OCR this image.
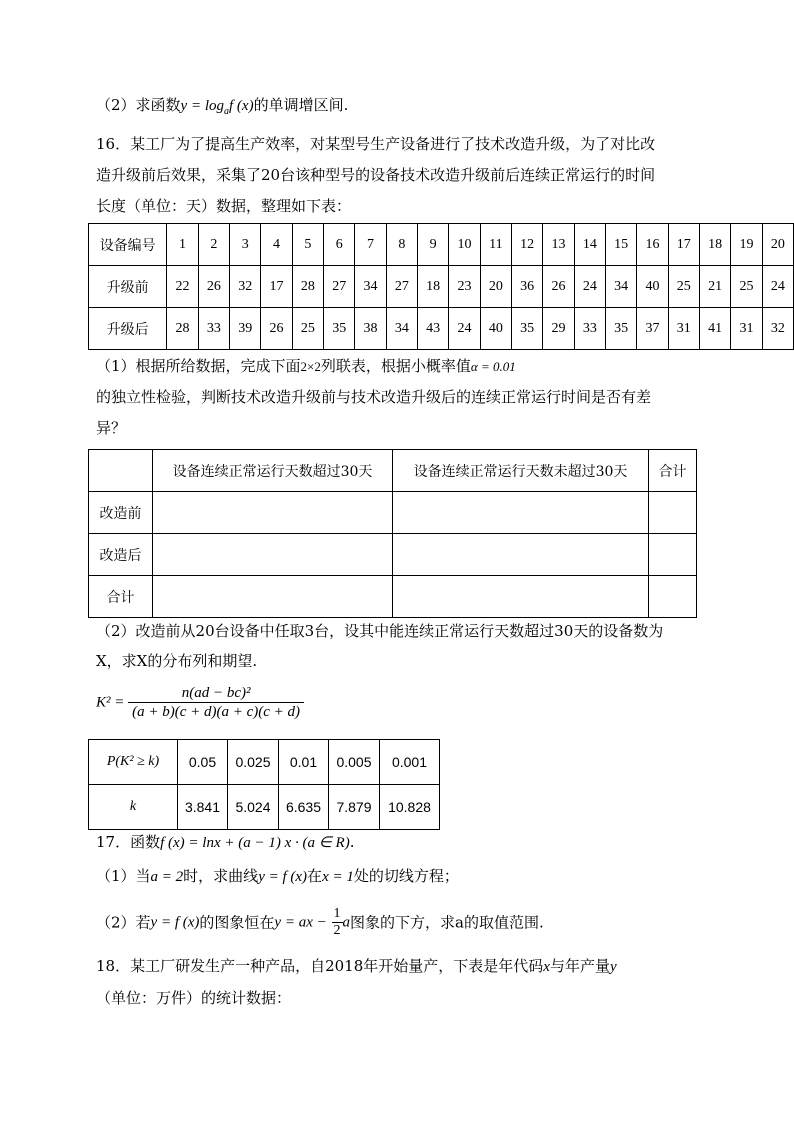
（2）求函数$y = \log_af$ (x)的单调增区间.
16．某工厂为了提高生产效率，对某型号生产设备进行了技术改造升级，为了对比改
造升级前后效果，采集了20台该种型号的设备技术改造升级前后连续正常运行的时间
长度（单位：天）数据，整理如下表：
设备编号	1	2	3	4	5	6	7	8	9	10	11	12	13	14	15	16	17	18	19	20
升级前	22	26	32	17	28	27	34	27	18	23	20	36	26	24	34	40	25	21	25	24
升级后	28	33	39	26	25	35	38	34	43	24	40	35	29	33	35	37	31	41	31	32
（1）根据所给数据，完成下面2×2列联表，根据小概率值α = 0.01
的独立性检验，判断技术改造升级前与技术改造升级后的连续正常运行时间是否有差
异？
	设备连续正常运行天数超过30天	设备连续正常运行天数未超过30天	合计
改造前			
改造后			
合计			
（2）改造前从20台设备中任取3台，设其中能连续正常运行天数超过30天的设备数为
X，求X的分布列和期望.
$K^2 = \frac{\text{n(ad − bc)²}}{(a + b)(c + d)(a + c)(c + d)}$
P(K² ≥ k)	0.05	0.025	0.01	0.005	0.001
k	3.841	5.024	6.635	7.879	10.828
17．函数f (x) = lnx + (a − 1) x · (a ∈ R).
（1）当a = 2时，求曲线y = f (x)在x = 1处的切线方程；
（2）若y = f (x)的图象恒在y = ax − $\frac{1}{2}$ a图象的下方，求a的取值范围.
18．某工厂研发生产一种产品，自2018年开始量产，下表是年代码x与年产量y
（单位：万件）的统计数据：
